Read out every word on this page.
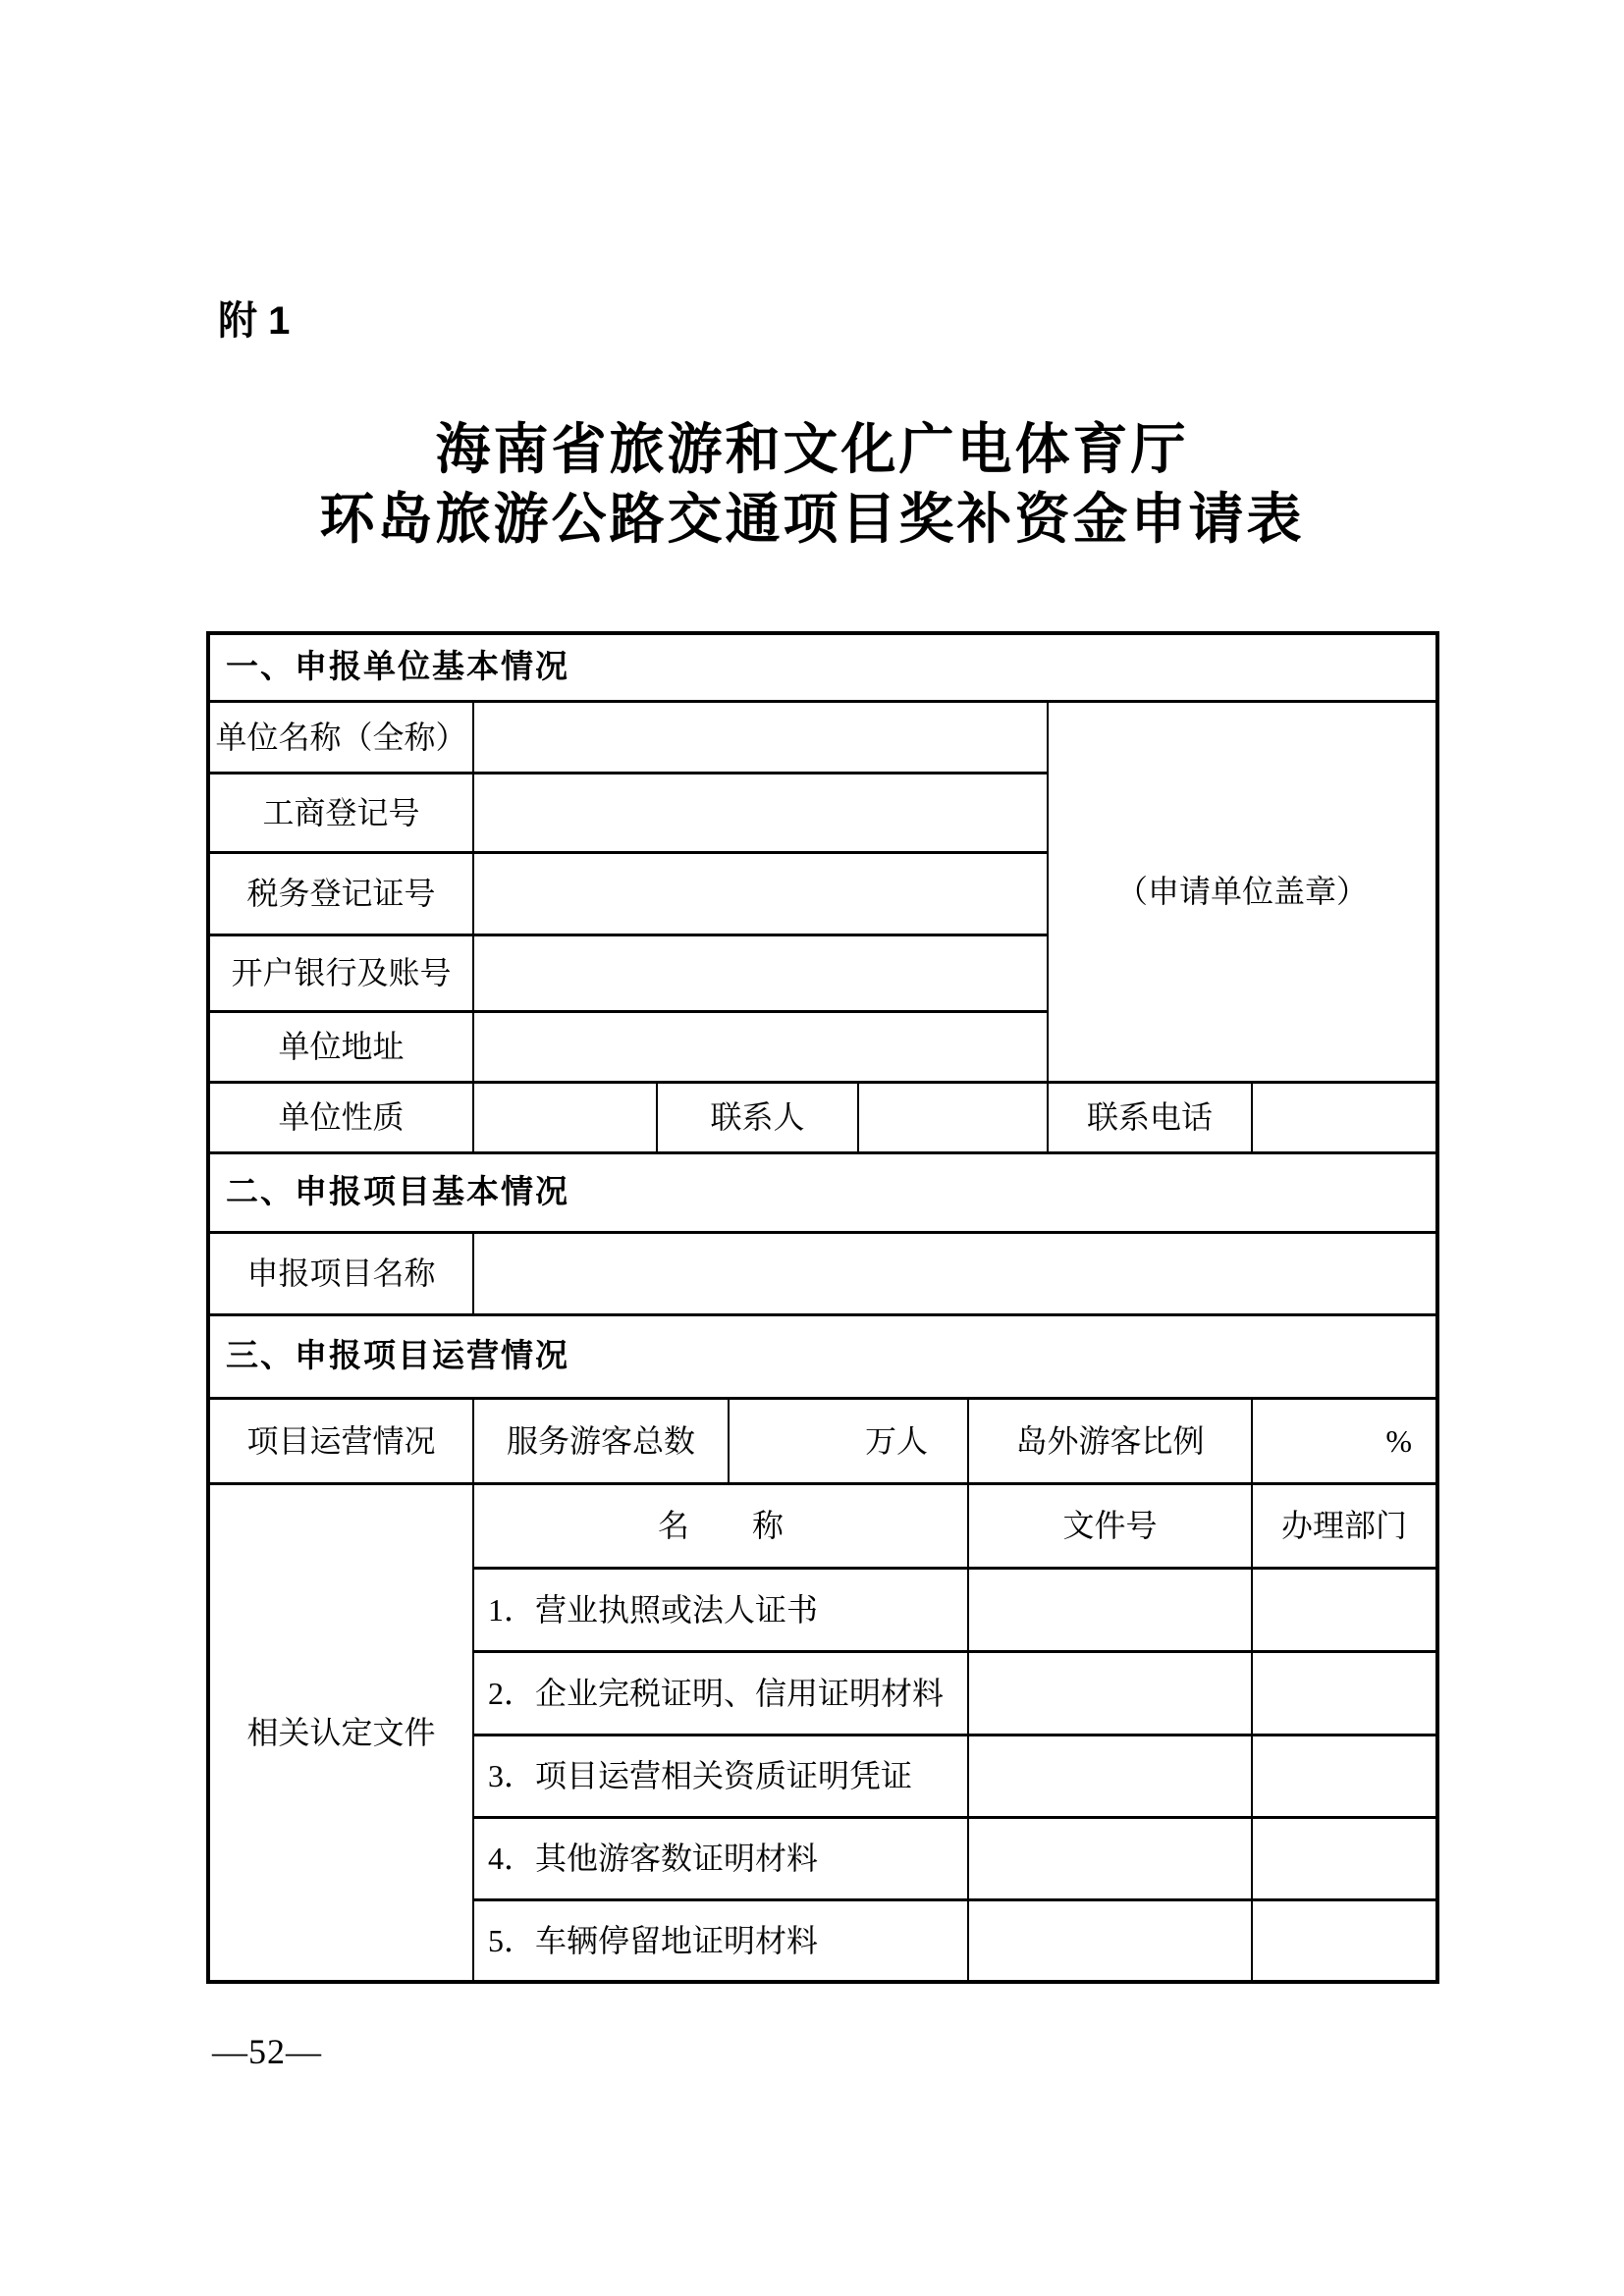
附 1
海南省旅游和文化广电体育厅
环岛旅游公路交通项目奖补资金申请表
一、申报单位基本情况							
单位名称（全称）						（申请单位盖章）	
工商登记号							
税务登记证号							
开户银行及账号							
单位地址							
单位性质		联系人				联系电话	
二、申报项目基本情况							
申报项目名称							
三、申报项目运营情况							
项目运营情况	服务游客总数		万人		岛外游客比例		%
相关认定文件	名　　称				文件号		办理部门
	1．营业执照或法人证书						
	2．企业完税证明、信用证明材料						
	3．项目运营相关资质证明凭证						
	4．其他游客数证明材料						
	5．车辆停留地证明材料						
—52—
